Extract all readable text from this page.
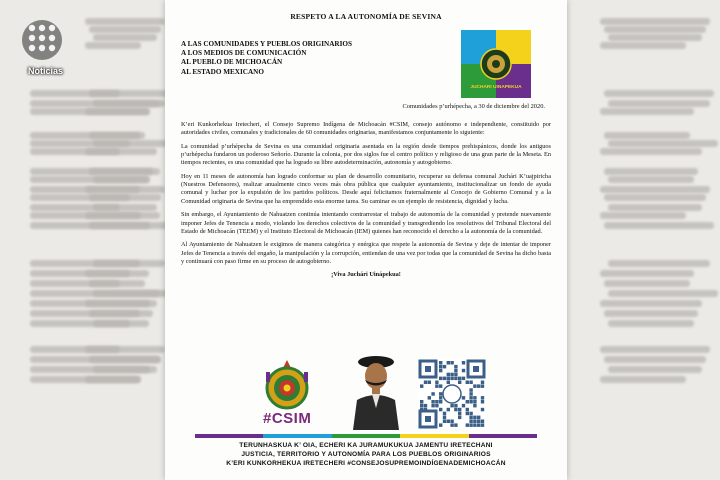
Noticias
RESPETO A LA AUTONOMÍA DE SEVINA
A LAS COMUNIDADES Y PUEBLOS ORIGINARIOS
A LOS MEDIOS DE COMUNICACIÓN
AL PUEBLO DE MICHOACÁN
AL ESTADO MEXICANO
JUCHARI UINAPEKUA
Comunidades p’urhépecha, a 30 de diciembre del 2020.

K’eri Kunkorhekua Iretecheri, el Consejo Supremo Indígena de Michoacán #CSIM, consejo autónomo e independiente, constituido por autoridades civiles, comunales y tradicionales de 60 comunidades originarias, manifestamos conjuntamente lo siguiente:

La comunidad p’urhépecha de Sevina es una comunidad originaria asentada en la región desde tiempos prehispánicos, donde los antiguos p’urhépecha fundaron un poderoso Señorío. Durante la colonia, por dos siglos fue el centro político y religioso de una gran parte de la Meseta. En tiempos recientes, es una comunidad que ha logrado su libre autodeterminación, autonomía y autogobierno.

Hoy en 11 meses de autonomía han logrado conformar su plan de desarrollo comunitario, recuperar su defensa comunal Juchári K’uajpiricha (Nuestros Defensores), realizar anualmente cinco veces más obra pública que cualquier ayuntamiento, institucionalizar un fondo de ayuda comunal y luchar por la expulsión de los partidos políticos. Desde aquí felicitamos fraternalmente al Concejo de Gobierno Comunal y a la Comunidad originaria de Sevina que ha emprendido esta enorme tarea. Su caminar es un ejemplo de resistencia, dignidad y lucha.

Sin embargo, el Ayuntamiento de Nahuatzen continúa intentando contrarrestar el trabajo de autonomía de la comunidad y pretende nuevamente imponer Jefes de Tenencia a modo, violando los derechos colectivos de la comunidad y transgrediendo los resolutivos del Tribunal Electoral del Estado de Michoacán (TEEM) y el Instituto Electoral de Michoacán (IEM) quienes han reconocido el derecho a la autonomía de la comunidad.

Al Ayuntamiento de Nahuatzen le exigimos de manera categórica y enérgica que respete la autonomía de Sevina y deje de intentar de imponer Jefes de Tenencia a través del engaño, la manipulación y la corrupción, entiendan de una vez por todas que la comunidad de Sevina ha dicho basta y continuará con paso firme en su proceso de autogobierno.

¡Viva Juchári Uinápekua!

#CSIM
TERUNHASKUA K’ OIA, ECHERI KA JURAMUKUKUA JAMENTU IRETECHANI
JUSTICIA, TERRITORIO Y AUTONOMÍA PARA LOS PUEBLOS ORIGINARIOS
K’ERI KUNKORHEKUA IRETECHERI #CONSEJOSUPREMOINDÍGENADEMICHOACÁN
